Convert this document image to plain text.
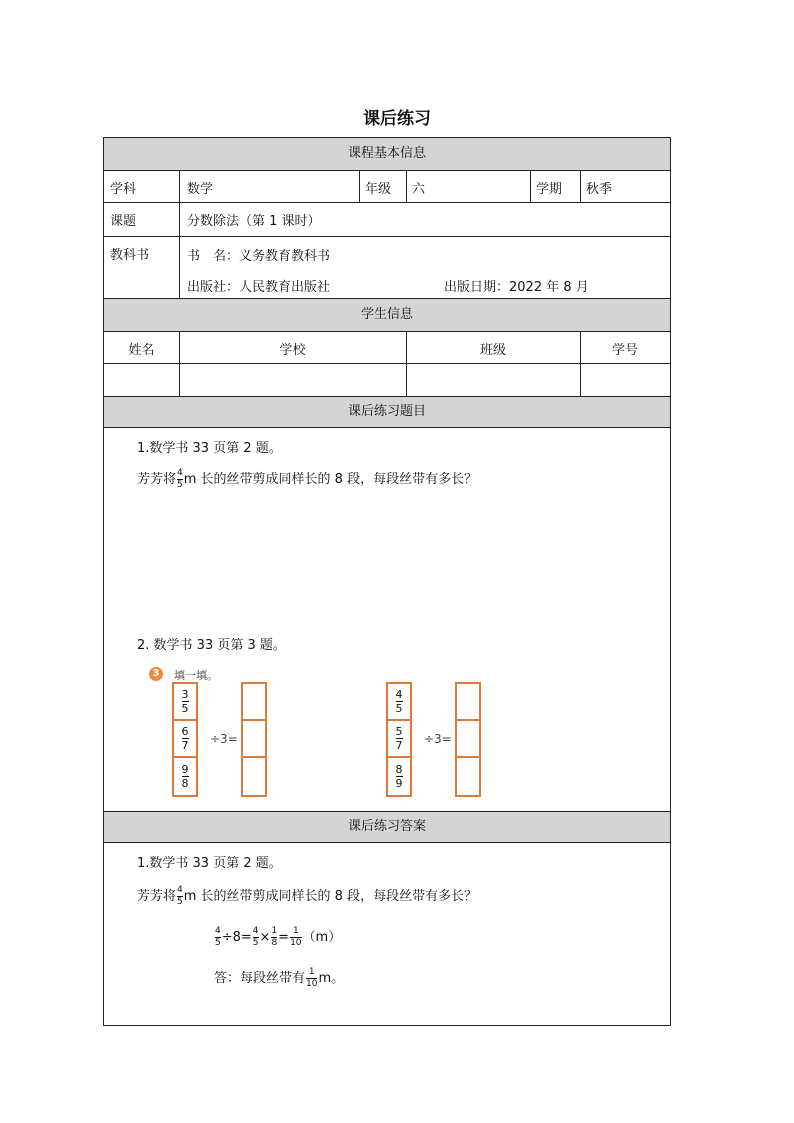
课后练习
课程基本信息
学科	数学	年级	六	学期	秋季
课题	分数除法（第 1 课时）
教科书	书　名：义务教育教科书
出版社：人民教育出版社	出版日期：2022 年 8 月
学生信息
姓名	学校	班级	学号
课后练习题目
1.数学书 33 页第 2 题。
芳芳将 $\frac{4}{5}$ m 长的丝带剪成同样长的 8 段，每段丝带有多长？
2. 数学书 33 页第 3 题。
3	填一填。
$\frac{3}{5}$
$\frac{6}{7}$
$\frac{9}{8}$
÷3=
$\frac{4}{5}$
$\frac{5}{7}$
$\frac{8}{9}$
÷3=
课后练习答案
1.数学书 33 页第 2 题。
芳芳将 $\frac{4}{5}$ m 长的丝带剪成同样长的 8 段，每段丝带有多长？
$\frac{4}{5} \div 8= \frac{4}{5} \times \frac{1}{8} = \frac{1}{10} (m)$
答：每段丝带有 $\frac{1}{10}$ m。
